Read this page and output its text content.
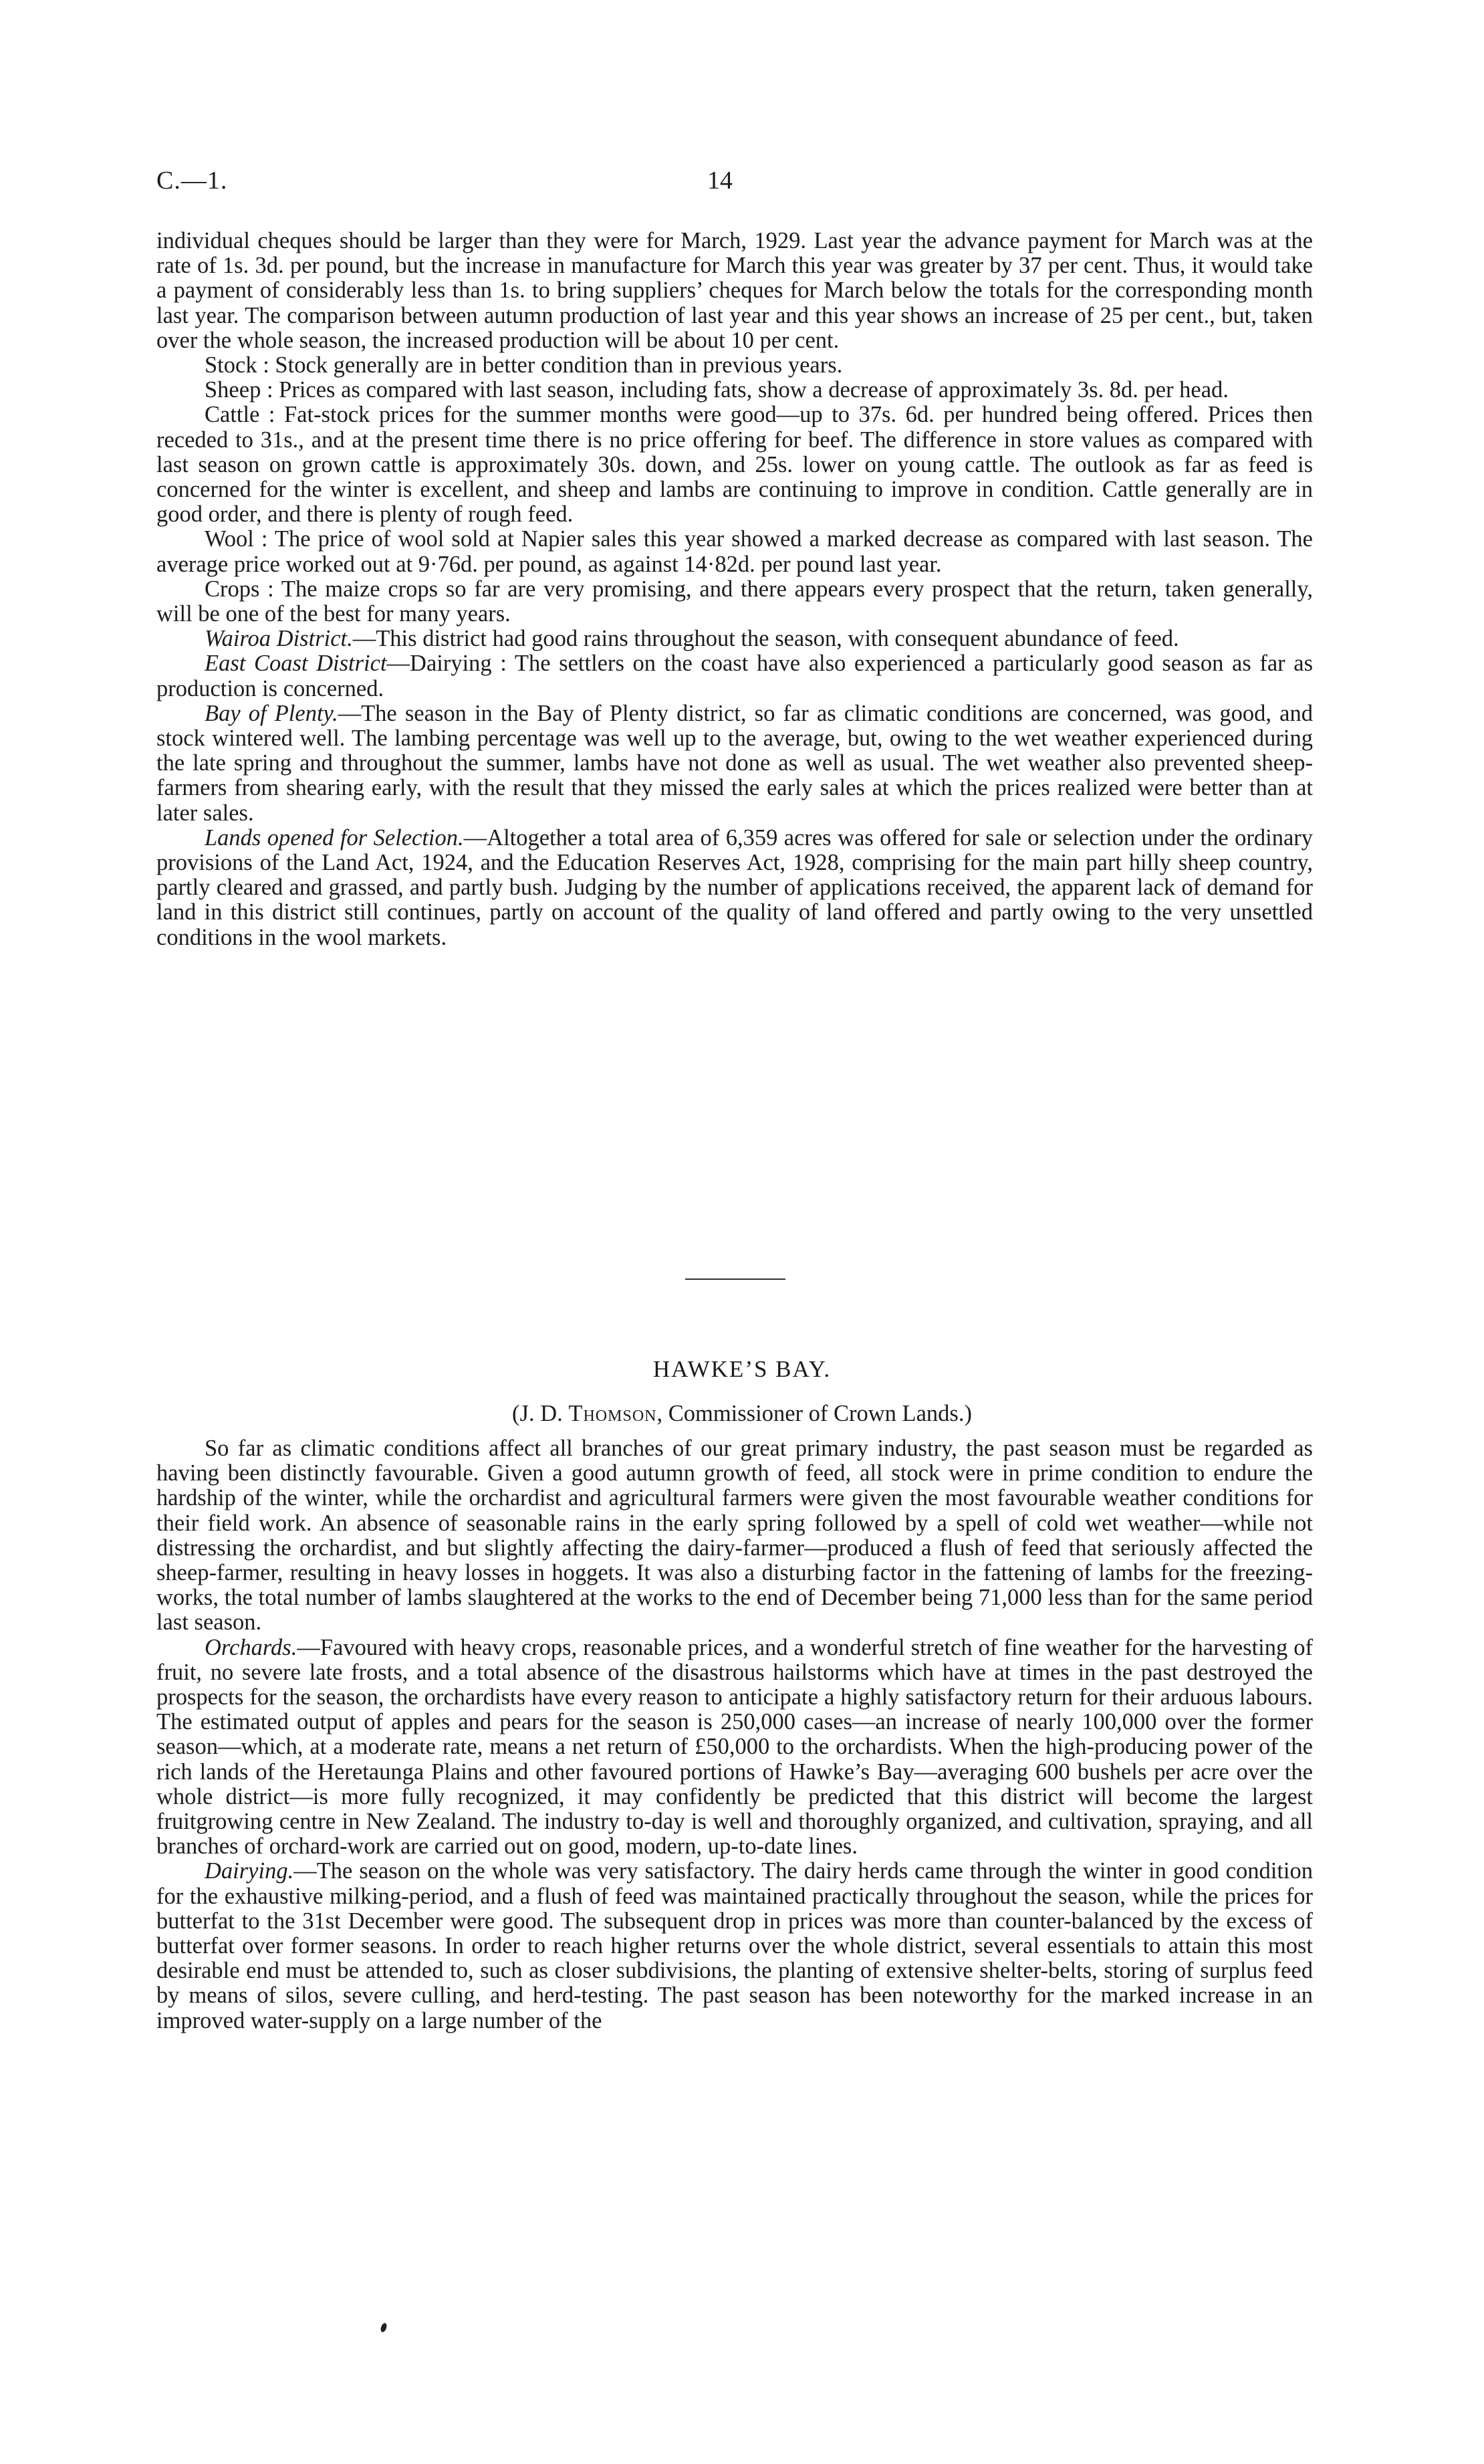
C.—1.	14

individual cheques should be larger than they were for March, 1929. Last year the advance payment for March was at the rate of 1s. 3d. per pound, but the increase in manufacture for March this year was greater by 37 per cent. Thus, it would take a payment of considerably less than 1s. to bring suppliers’ cheques for March below the totals for the corresponding month last year. The comparison between autumn production of last year and this year shows an increase of 25 per cent., but, taken over the whole season, the increased production will be about 10 per cent.

Stock : Stock generally are in better condition than in previous years.

Sheep : Prices as compared with last season, including fats, show a decrease of approximately 3s. 8d. per head.

Cattle : Fat-stock prices for the summer months were good—up to 37s. 6d. per hundred being offered. Prices then receded to 31s., and at the present time there is no price offering for beef. The difference in store values as compared with last season on grown cattle is approximately 30s. down, and 25s. lower on young cattle. The outlook as far as feed is concerned for the winter is excellent, and sheep and lambs are continuing to improve in condition. Cattle generally are in good order, and there is plenty of rough feed.

Wool : The price of wool sold at Napier sales this year showed a marked decrease as compared with last season. The average price worked out at 9·76d. per pound, as against 14·82d. per pound last year.

Crops : The maize crops so far are very promising, and there appears every prospect that the return, taken generally, will be one of the best for many years.

Wairoa District.—This district had good rains throughout the season, with consequent abundance of feed.

East Coast District—Dairying : The settlers on the coast have also experienced a particularly good season as far as production is concerned.

Bay of Plenty.—The season in the Bay of Plenty district, so far as climatic conditions are concerned, was good, and stock wintered well. The lambing percentage was well up to the average, but, owing to the wet weather experienced during the late spring and throughout the summer, lambs have not done as well as usual. The wet weather also prevented sheep-farmers from shearing early, with the result that they missed the early sales at which the prices realized were better than at later sales.

Lands opened for Selection.—Altogether a total area of 6,359 acres was offered for sale or selection under the ordinary provisions of the Land Act, 1924, and the Education Reserves Act, 1928, comprising for the main part hilly sheep country, partly cleared and grassed, and partly bush. Judging by the number of applications received, the apparent lack of demand for land in this district still continues, partly on account of the quality of land offered and partly owing to the very unsettled conditions in the wool markets.

HAWKE’S BAY.
(J. D. Thomson, Commissioner of Crown Lands.)

So far as climatic conditions affect all branches of our great primary industry, the past season must be regarded as having been distinctly favourable. Given a good autumn growth of feed, all stock were in prime condition to endure the hardship of the winter, while the orchardist and agricultural farmers were given the most favourable weather conditions for their field work. An absence of seasonable rains in the early spring followed by a spell of cold wet weather—while not distressing the orchardist, and but slightly affecting the dairy-farmer—produced a flush of feed that seriously affected the sheep-farmer, resulting in heavy losses in hoggets. It was also a disturbing factor in the fattening of lambs for the freezing-works, the total number of lambs slaughtered at the works to the end of December being 71,000 less than for the same period last season.

Orchards.—Favoured with heavy crops, reasonable prices, and a wonderful stretch of fine weather for the harvesting of fruit, no severe late frosts, and a total absence of the disastrous hailstorms which have at times in the past destroyed the prospects for the season, the orchardists have every reason to anticipate a highly satisfactory return for their arduous labours. The estimated output of apples and pears for the season is 250,000 cases—an increase of nearly 100,000 over the former season—which, at a moderate rate, means a net return of £50,000 to the orchardists. When the high-producing power of the rich lands of the Heretaunga Plains and other favoured portions of Hawke’s Bay—averaging 600 bushels per acre over the whole district—is more fully recognized, it may confidently be predicted that this district will become the largest fruitgrowing centre in New Zealand. The industry to-day is well and thoroughly organized, and cultivation, spraying, and all branches of orchard-work are carried out on good, modern, up-to-date lines.

Dairying.—The season on the whole was very satisfactory. The dairy herds came through the winter in good condition for the exhaustive milking-period, and a flush of feed was maintained practically throughout the season, while the prices for butterfat to the 31st December were good. The subsequent drop in prices was more than counter-balanced by the excess of butterfat over former seasons. In order to reach higher returns over the whole district, several essentials to attain this most desirable end must be attended to, such as closer subdivisions, the planting of extensive shelter-belts, storing of surplus feed by means of silos, severe culling, and herd-testing. The past season has been noteworthy for the marked increase in an improved water-supply on a large number of the
